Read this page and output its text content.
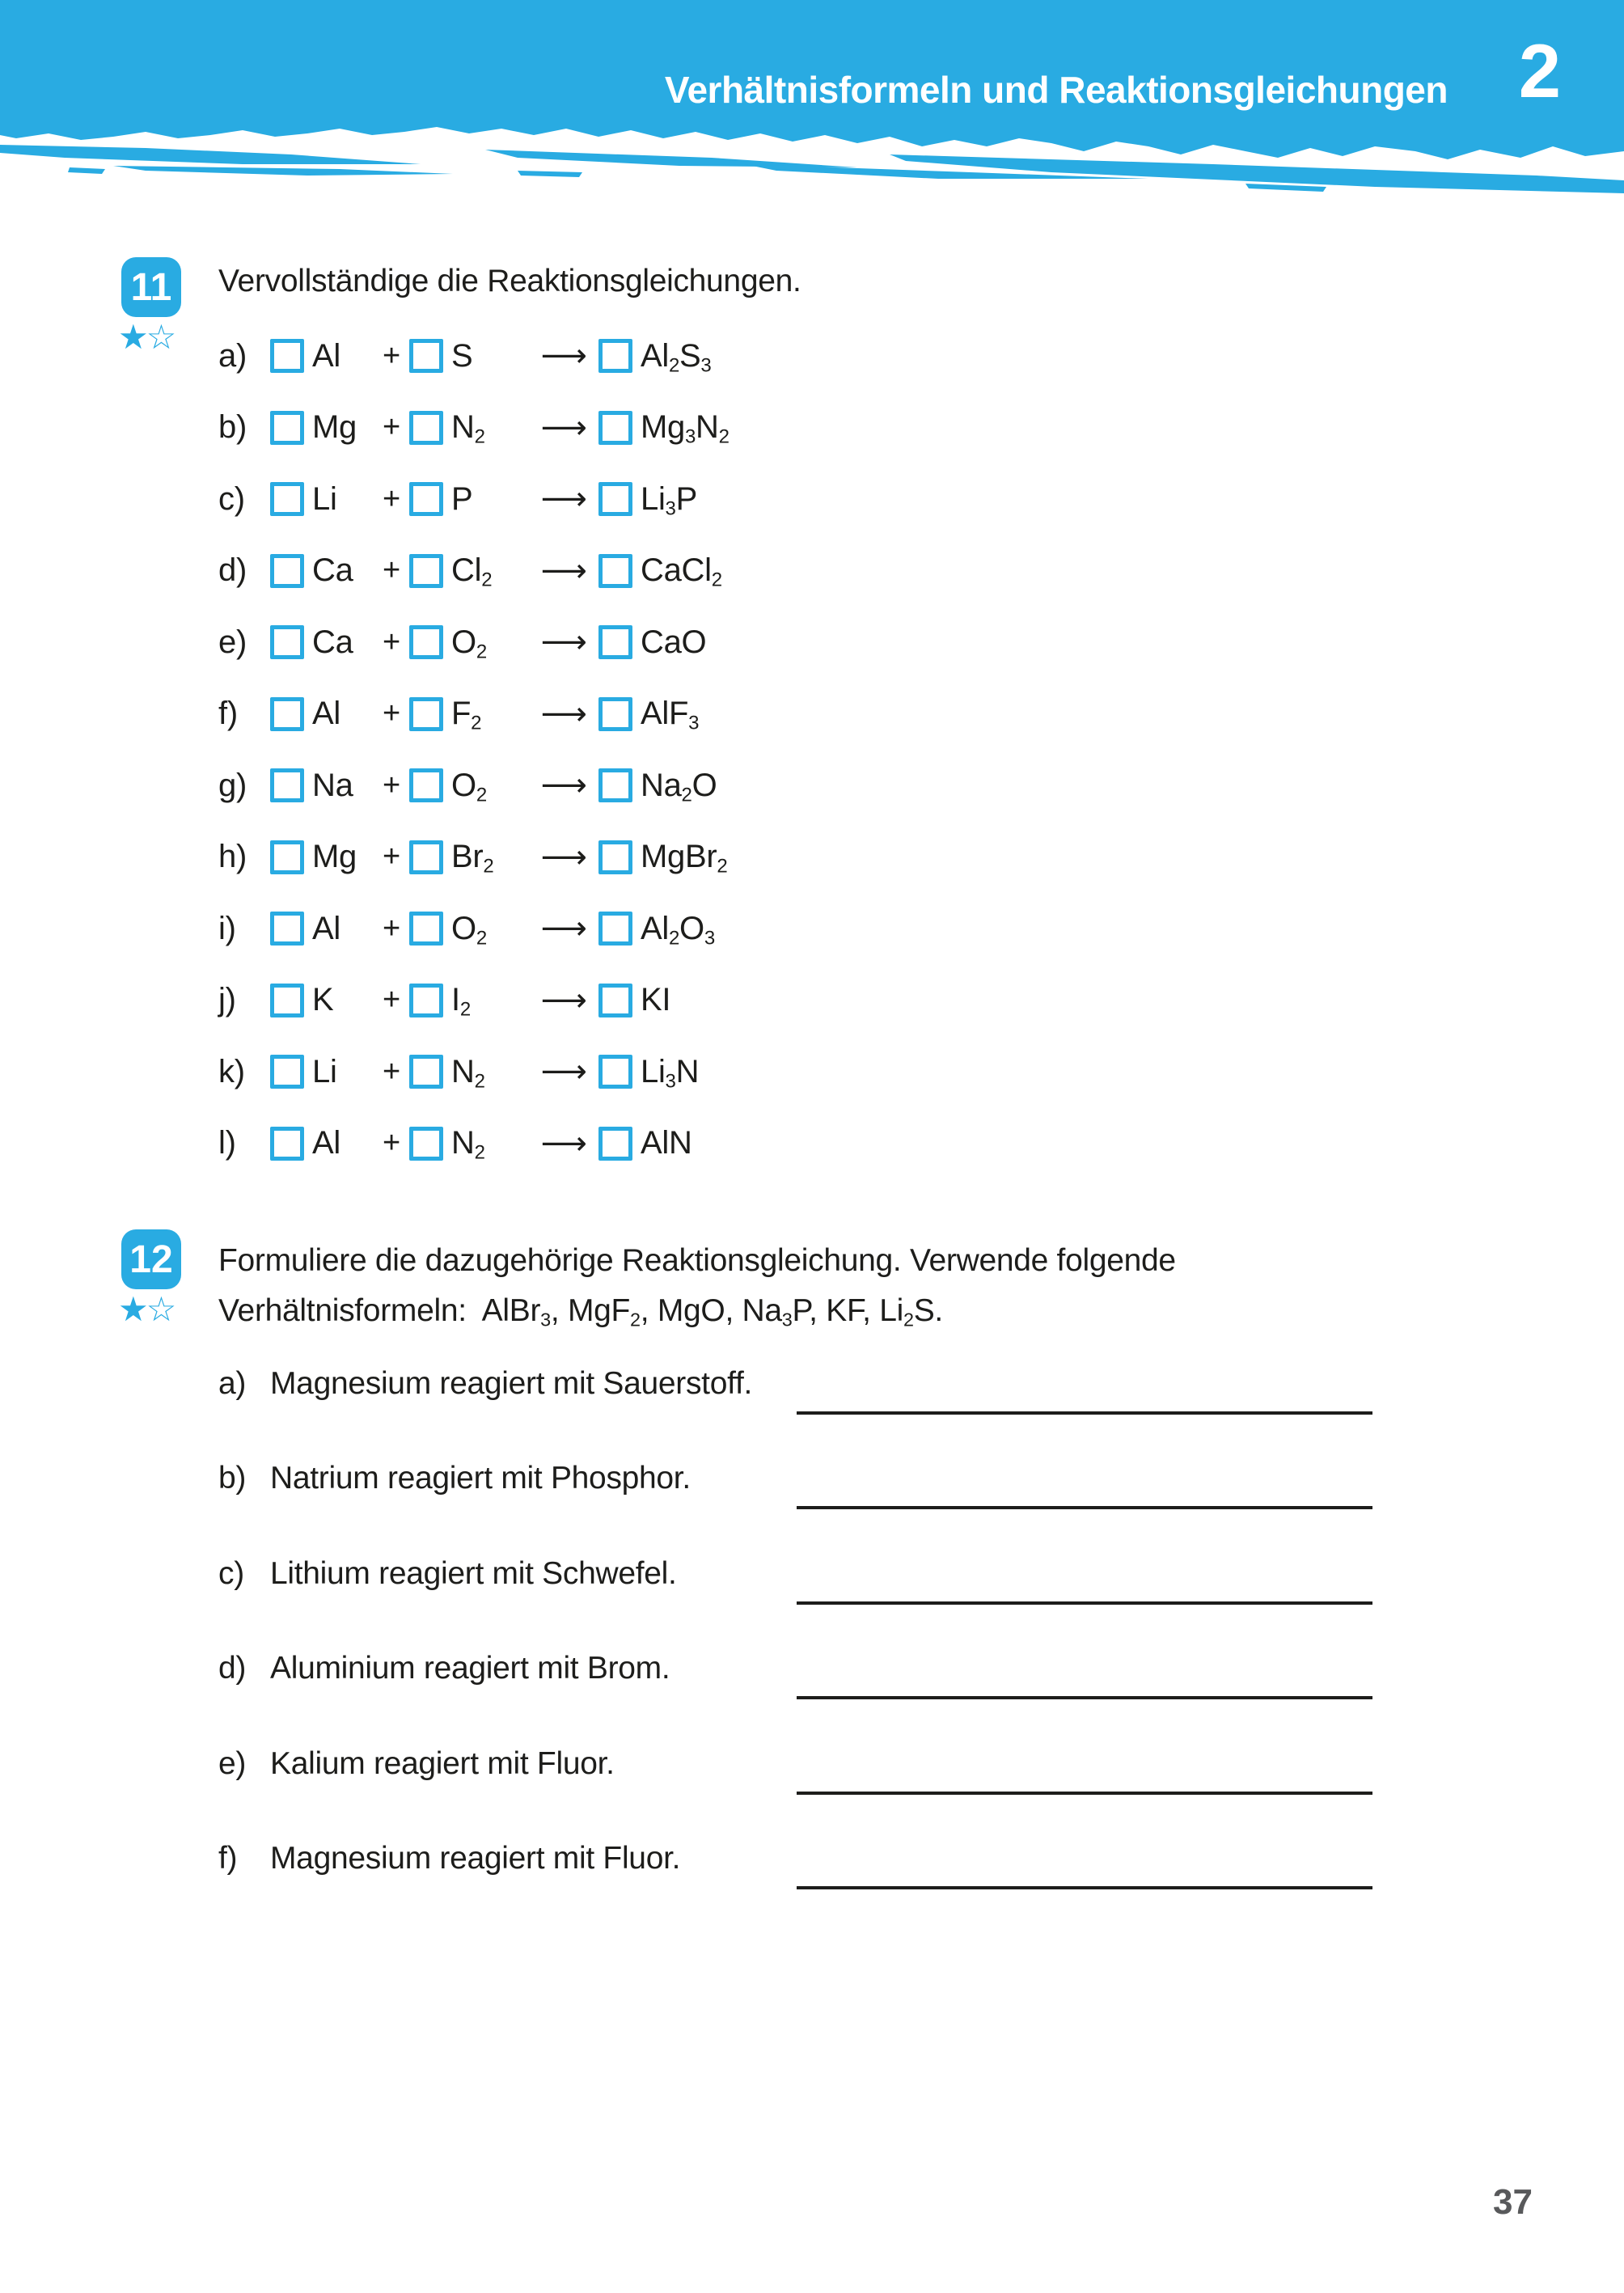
Verhältnisformeln und Reaktionsgleichungen 2
11
★☆
Vervollständige die Reaktionsgleichungen.
a)	Al	+ S	⟶	$Al_2S_3$
b)	$Mg + N_2$	⟶	$Mg_3N_2$
c)	Li	+ P	⟶	$Li_3P$
d)	$Ca + Cl_2$	⟶	CaCl$_2$
e)	$Ca + O_2$	⟶	CaO
f)	Al	+ $F_2$	⟶	AlF$_3$
g)	$Na + O_2$	⟶	$Na_2O$
h)	$Mg + Br_2$	⟶	MgBr$_2$
i)	Al	+ $O_2$	⟶	$Al_2O_3$
j)	K	+ $I_2$	⟶	KI
k)	Li	+ $N_2$	⟶	$Li_3N$
l)	Al	+ $N_2$	⟶	AlN
12
★☆
Formuliere die dazugehörige Reaktionsgleichung. Verwende folgende
Verhältnisformeln:  AlBr$_3$, MgF$_2$, MgO, $Na_3P$, KF, $Li_2S$.
a) Magnesium reagiert mit Sauerstoff.
b) Natrium reagiert mit Phosphor.
c) Lithium reagiert mit Schwefel.
d) Aluminium reagiert mit Brom.
e) Kalium reagiert mit Fluor.
f)	Magnesium reagiert mit Fluor.
37
